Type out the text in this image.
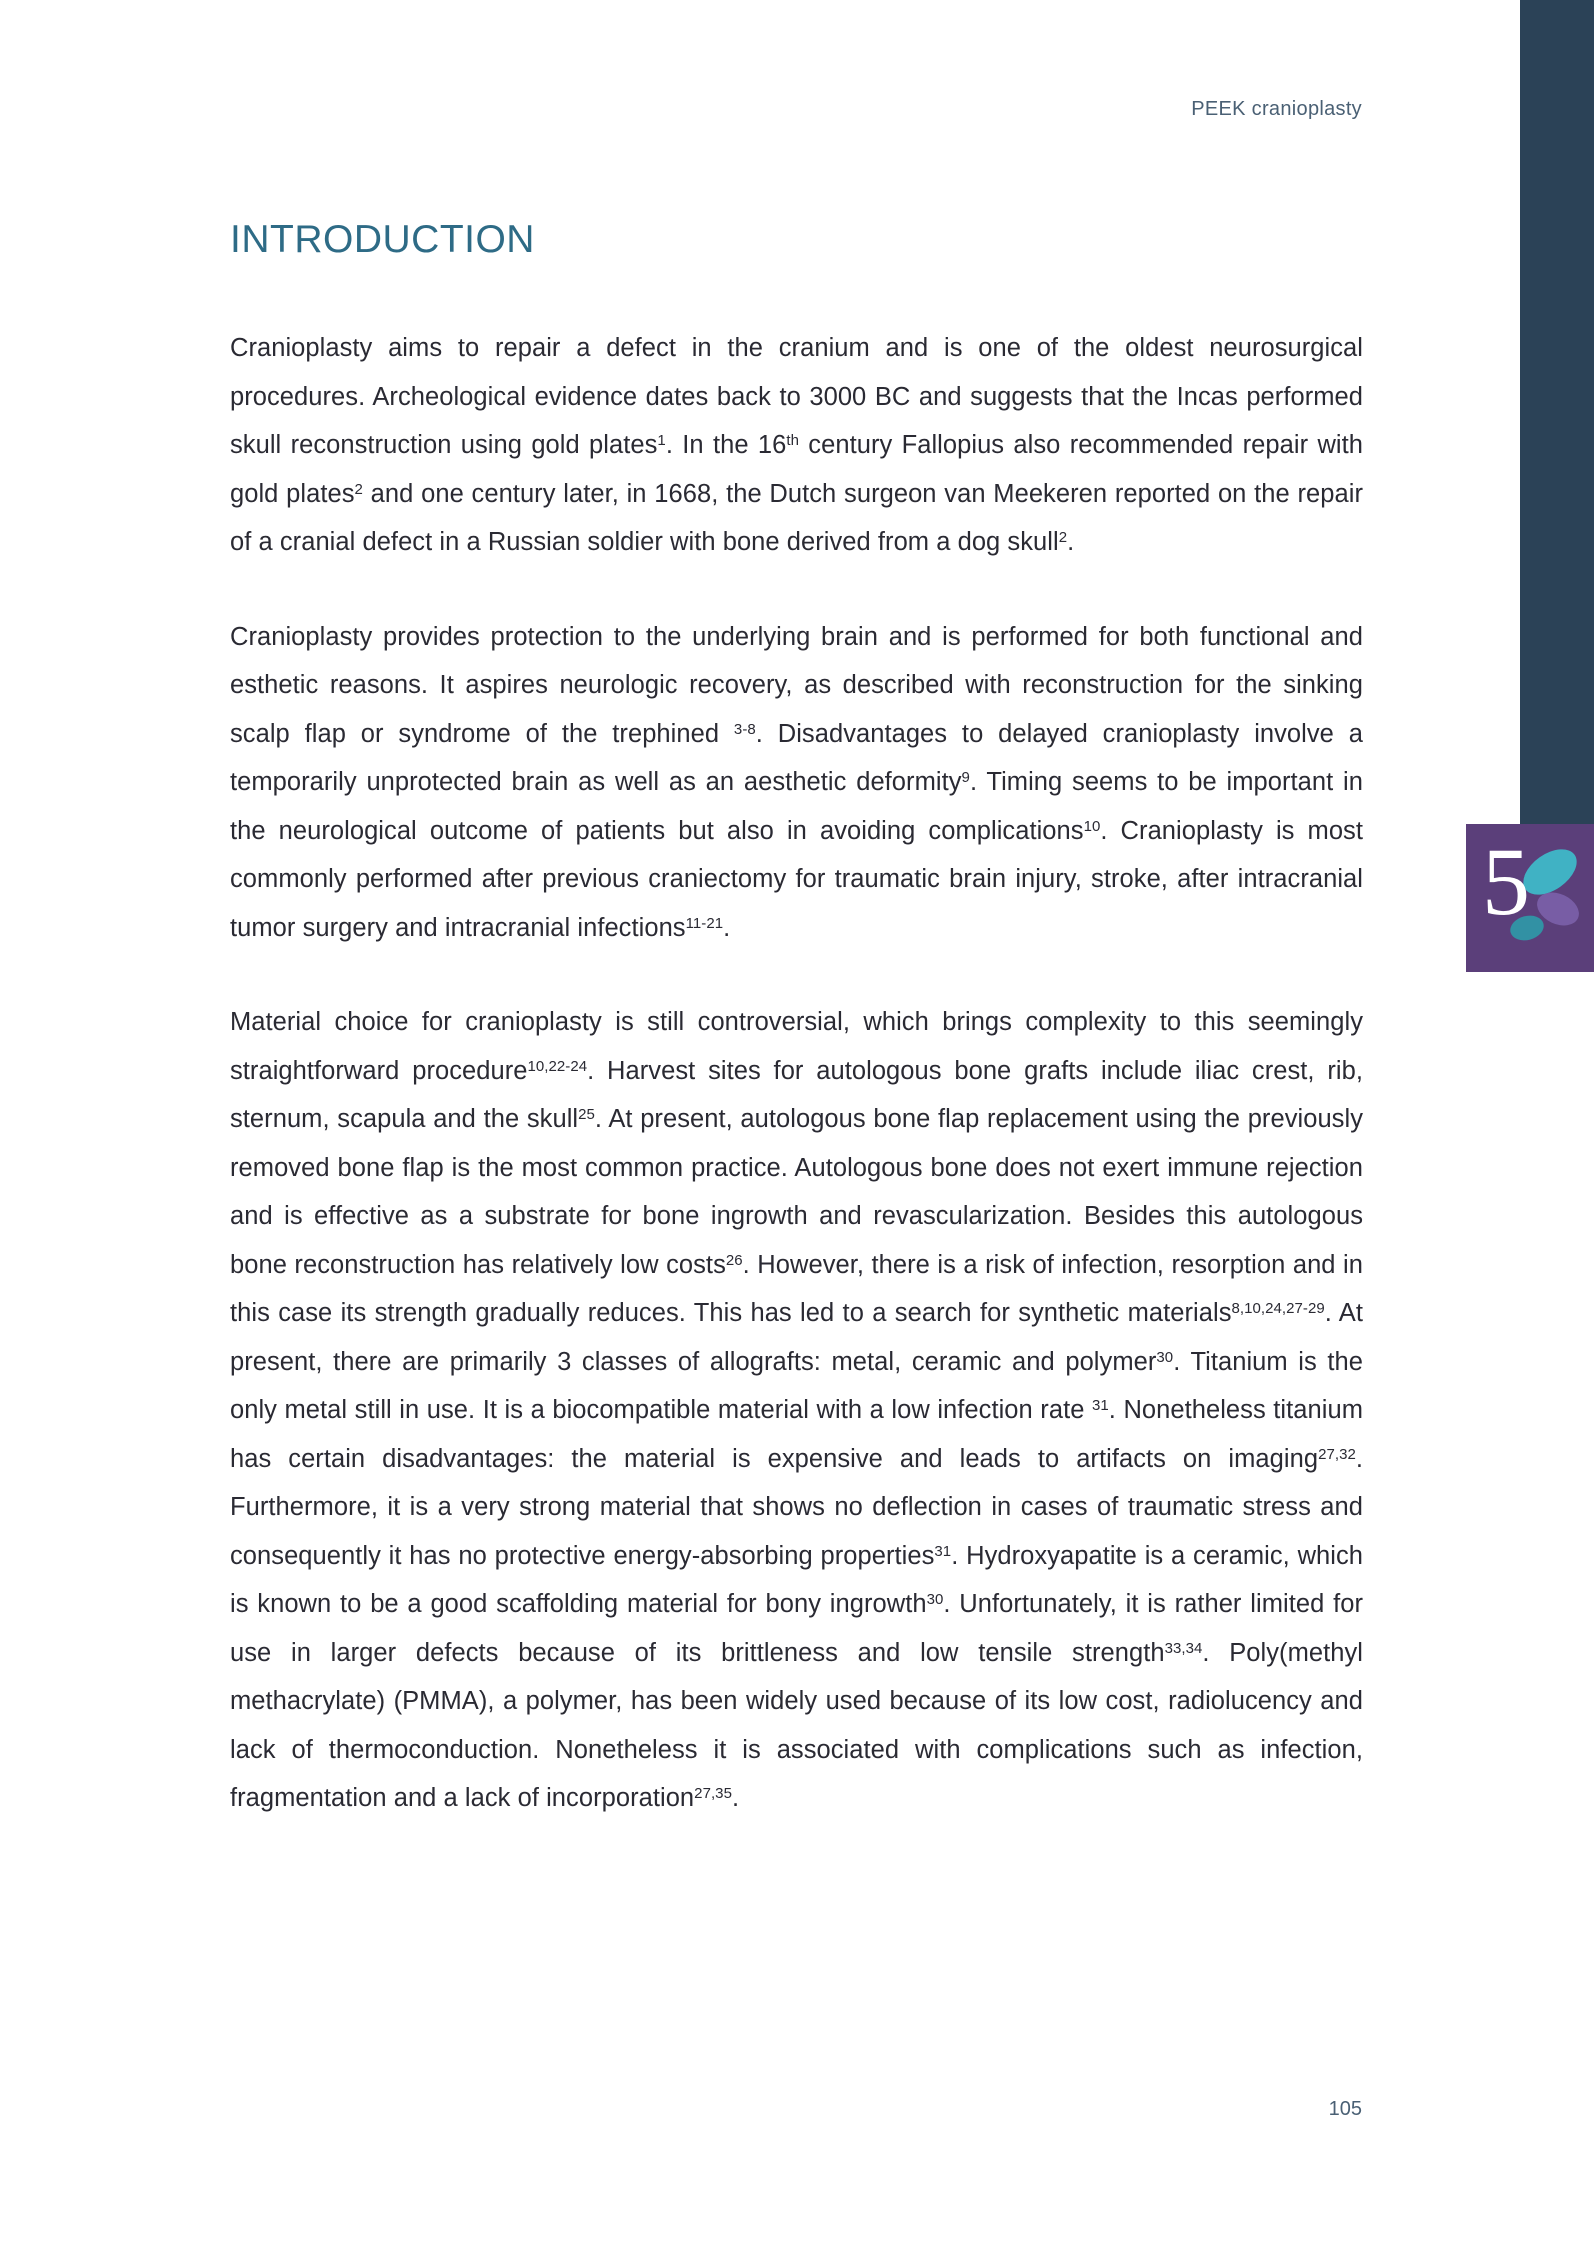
5
PEEK cranioplasty
INTRODUCTION

Cranioplasty aims to repair a defect in the cranium and is one of the oldest neurosurgical procedures. Archeological evidence dates back to 3000 BC and suggests that the Incas performed skull reconstruction using gold plates$^1$. In the 16th century Fallopius also recommended repair with gold plates$^2$ and one century later, in 1668, the Dutch surgeon van Meekeren reported on the repair of a cranial defect in a Russian soldier with bone derived from a dog skull$^2$.

Cranioplasty provides protection to the underlying brain and is performed for both functional and esthetic reasons. It aspires neurologic recovery, as described with reconstruction for the sinking scalp flap or syndrome of the trephined $^{3-8}$. Disadvantages to delayed cranioplasty involve a temporarily unprotected brain as well as an aesthetic deformity$^9$. Timing seems to be important in the neurological outcome of patients but also in avoiding complications$^{10}$. Cranioplasty is most commonly performed after previous craniectomy for traumatic brain injury, stroke, after intracranial tumor surgery and intracranial infections$^{11-21}$.

Material choice for cranioplasty is still controversial, which brings complexity to this seemingly straightforward procedure$^{10,22-24}$. Harvest sites for autologous bone grafts include iliac crest, rib, sternum, scapula and the skull$^{25}$. At present, autologous bone flap replacement using the previously removed bone flap is the most common practice. Autologous bone does not exert immune rejection and is effective as a substrate for bone ingrowth and revascularization. Besides this autologous bone reconstruction has relatively low costs$^{26}$. However, there is a risk of infection, resorption and in this case its strength gradually reduces. This has led to a search for synthetic materials$^{8,10,24,27-29}$. At present, there are primarily 3 classes of allografts: metal, ceramic and polymer$^{30}$. Titanium is the only metal still in use. It is a biocompatible material with a low infection rate $^{31}$. Nonetheless titanium has certain disadvantages: the material is expensive and leads to artifacts on imaging$^{27,32}$. Furthermore, it is a very strong material that shows no deflection in cases of traumatic stress and consequently it has no protective energy-absorbing properties$^{31}$. Hydroxyapatite is a ceramic, which is known to be a good scaffolding material for bony ingrowth$^{30}$. Unfortunately, it is rather limited for use in larger defects because of its brittleness and low tensile strength$^{33,34}$. Poly(methyl methacrylate) (PMMA), a polymer, has been widely used because of its low cost, radiolucency and lack of thermoconduction. Nonetheless it is associated with complications such as infection, fragmentation and a lack of incorporation$^{27,35}$.

105
